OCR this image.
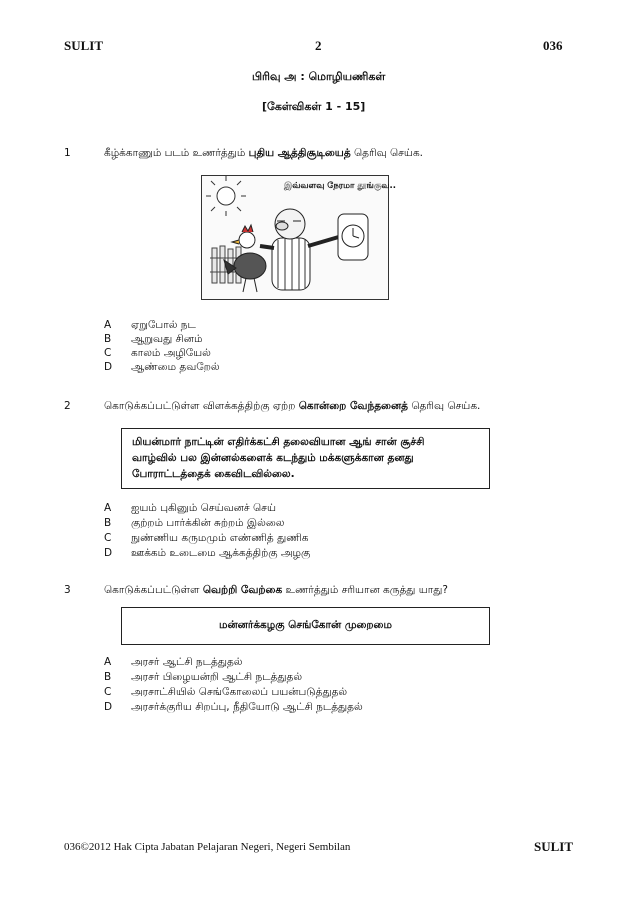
SULIT	2	036
பிரிவு அ : மொழியணிகள்
[கேள்விகள் 1 - 15]
1	கீழ்க்காணும் படம் உணர்த்தும் புதிய ஆத்திசூடியைத் தெரிவு செய்க.
இவ்வளவு நேரமா தூங்குவ..
A ஏறுபோல் நட
B ஆறுவது சினம்
C காலம் அழியேல்
D ஆண்மை தவறேல்
2	கொடுக்கப்பட்டுள்ள விளக்கத்திற்கு ஏற்ற கொன்றை வேந்தனைத் தெரிவு செய்க.
மியன்மார் நாட்டின் எதிர்க்கட்சி தலைவியான ஆங் சான் சூச்சி
வாழ்வில் பல இன்னல்களைக் கடந்தும் மக்களுக்கான தனது
போராட்டத்தைக் கைவிடவில்லை.
A ஐயம் புகினும் செய்வனச் செய்
B குற்றம் பார்க்கின் சுற்றம் இல்லை
C நுண்ணிய கருமமும் எண்ணித் துணிக
D ஊக்கம் உடைமை ஆக்கத்திற்கு அழகு
3	கொடுக்கப்பட்டுள்ள வெற்றி வேற்கை உணர்த்தும் சரியான கருத்து யாது?
மன்னர்க்கழகு செங்கோன் முறைமை
A அரசர் ஆட்சி நடத்துதல்
B அரசர் பிழையன்றி ஆட்சி நடத்துதல்
C அரசாட்சியில் செங்கோலைப் பயன்படுத்துதல்
D அரசர்க்குரிய சிறப்பு, நீதியோடு ஆட்சி நடத்துதல்
036©2012 Hak Cipta Jabatan Pelajaran Negeri, Negeri Sembilan	SULIT
